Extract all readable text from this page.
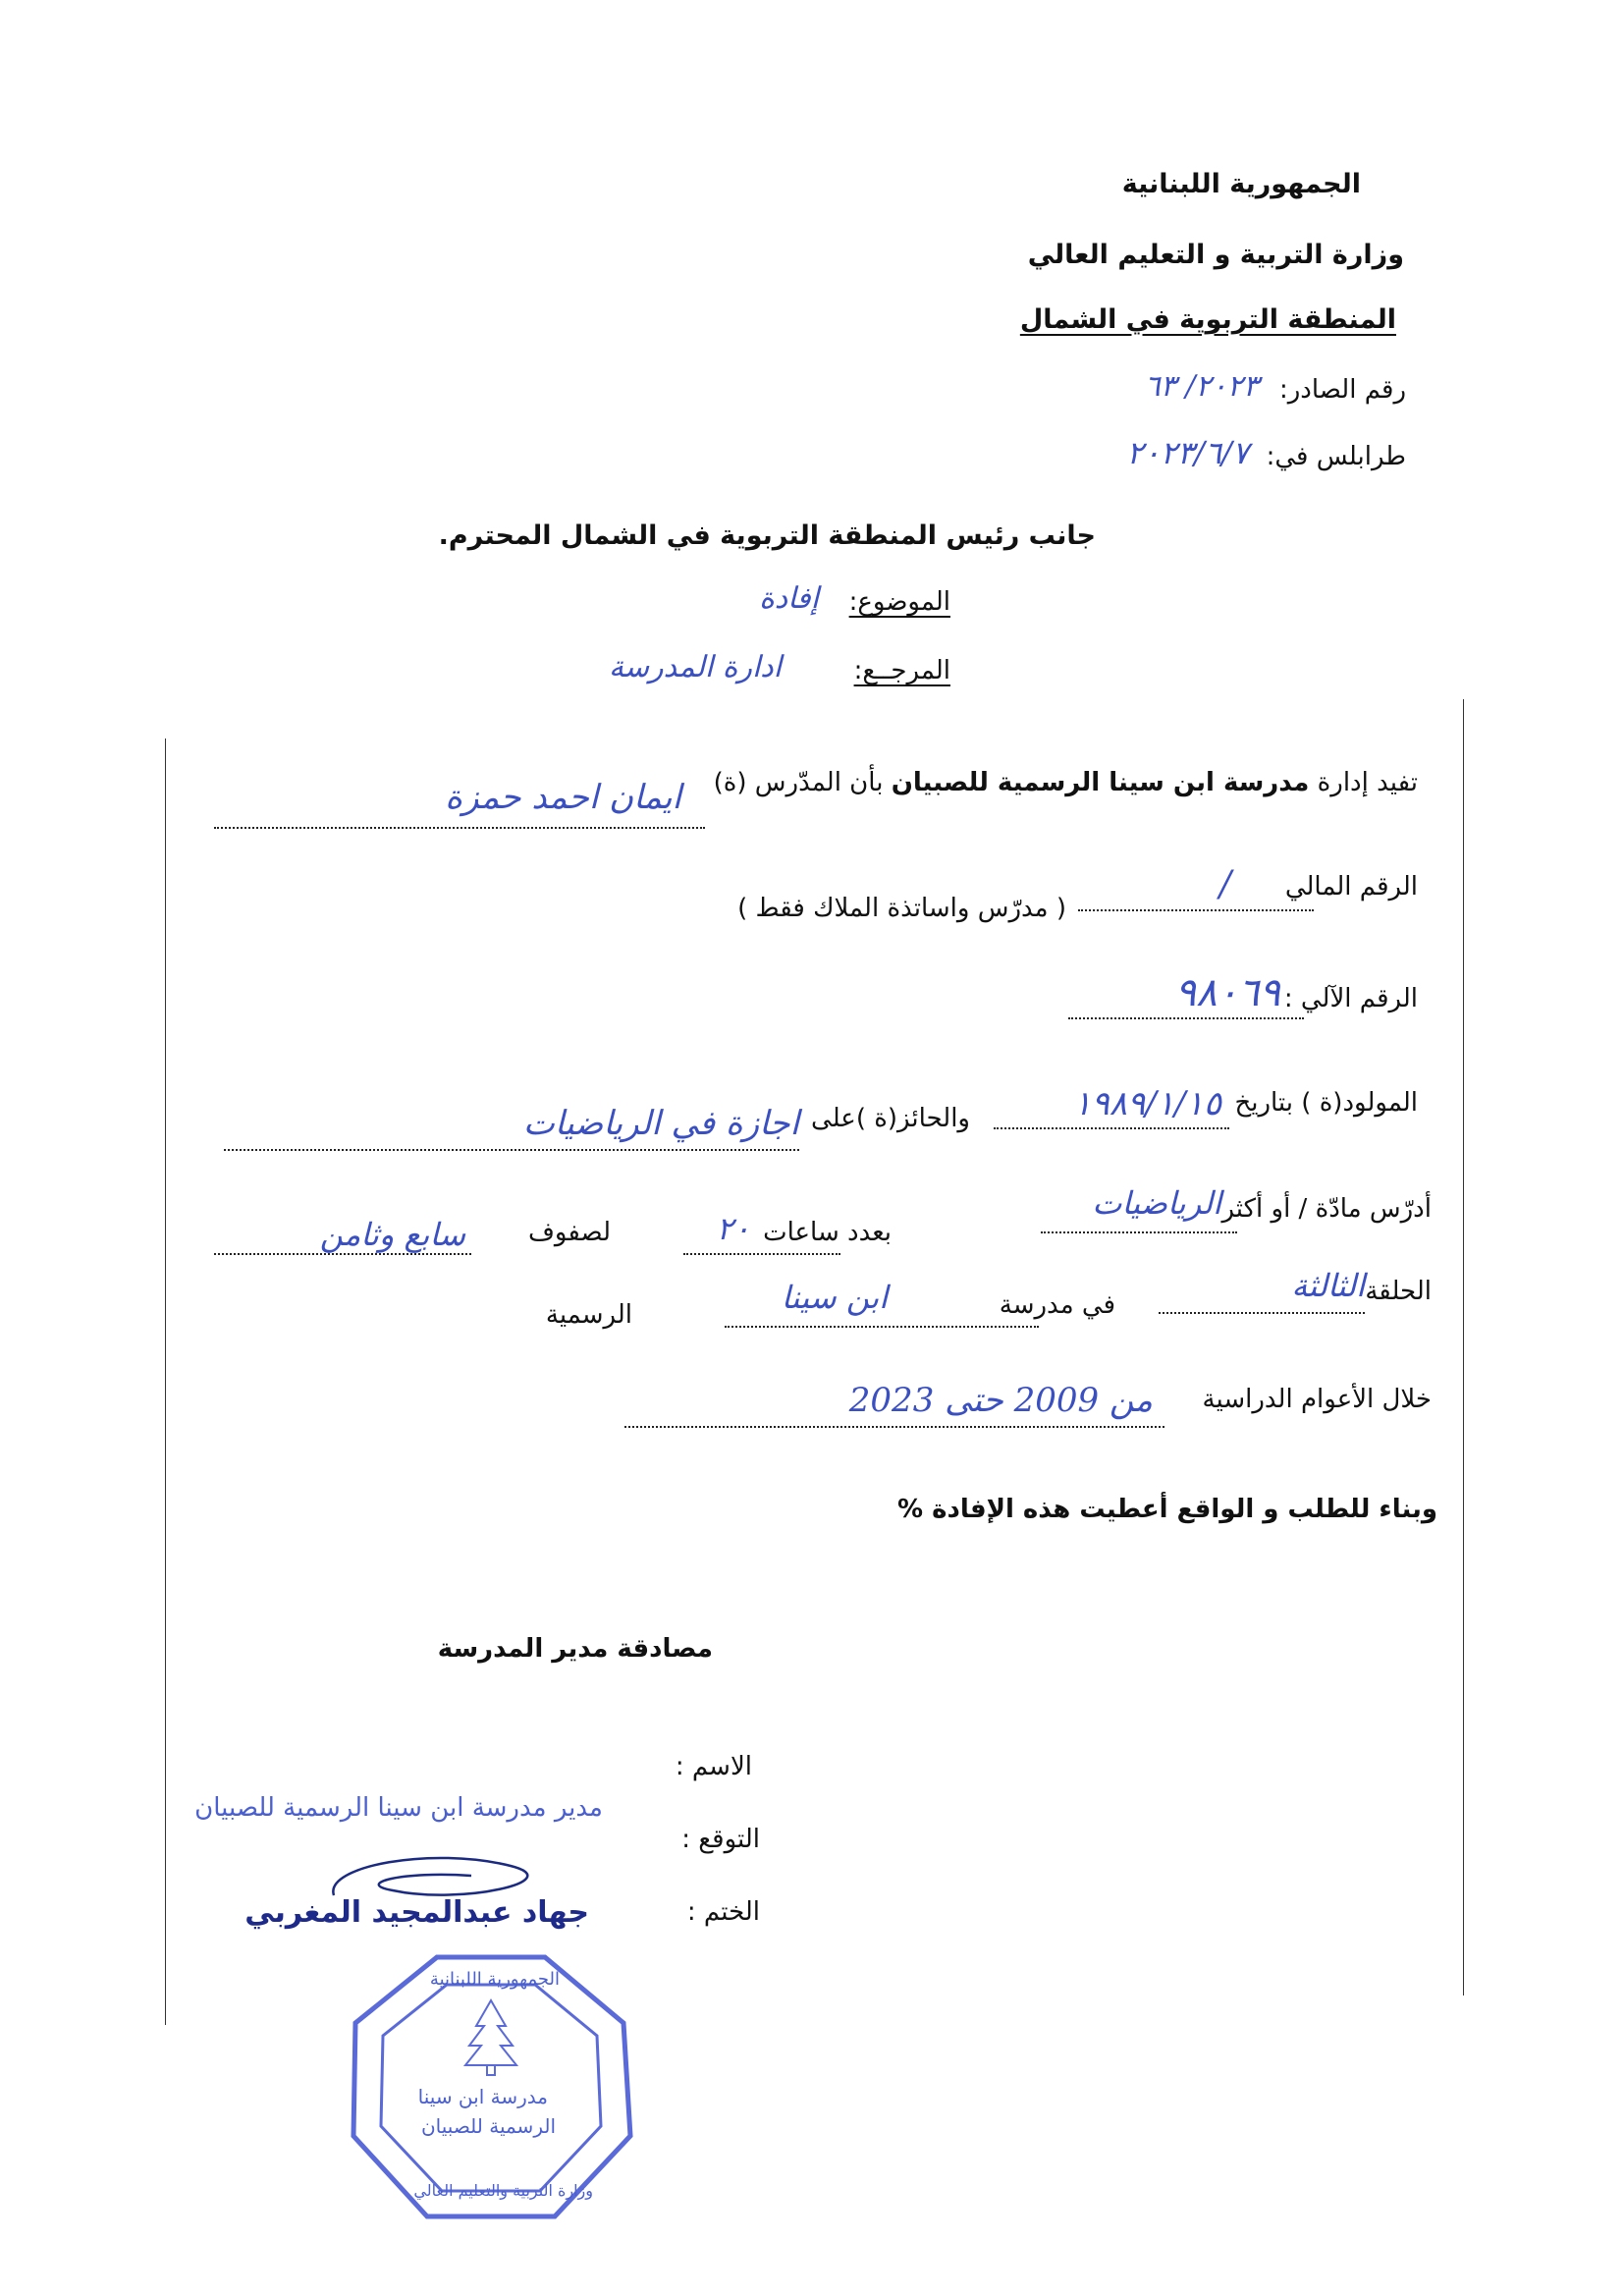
الجمهورية اللبنانية
وزارة التربية و التعليم العالي
المنطقة التربوية في الشمال
رقم الصادر:
٢٠٢٣/ ٦٣
طرابلس في:
٢٠٢٣/٦/٧
جانب رئيس المنطقة التربوية في الشمال المحترم.
الموضوع:
إفادة
المرجــع:
ادارة المدرسة
تفيد إدارة مدرسة ابن سينا الرسمية للصبيان بأن المدّرس (ة)
ايمان احمد حمزة
الرقم المالي
/
( مدرّس واساتذة الملاك فقط )
الرقم الآلي :
٩٨٠٦٩
المولود(ة ) بتاريخ
١٩٨٩/١/١٥
والحائز(ة )على
اجازة في الرياضيات
أدرّس مادّة / أو أكثر
الرياضيات
بعدد ساعات
٢٠
لصفوف
سابع وثامن
الحلقة
الثالثة
في مدرسة
ابن سينا
الرسمية
خلال الأعوام الدراسية
من 2009 حتى 2023
وبناء للطلب و الواقع أعطيت هذه الإفادة %
مصادقة مدير المدرسة
الاسم :
التوقع :
الختم :
مدير مدرسة ابن سينا الرسمية للصبيان
جهاد عبدالمجيد المغربي
الجمهورية اللبنانية
مدرسة ابن سينا
الرسمية للصبيان
وزارة التربية والتعليم العالي
